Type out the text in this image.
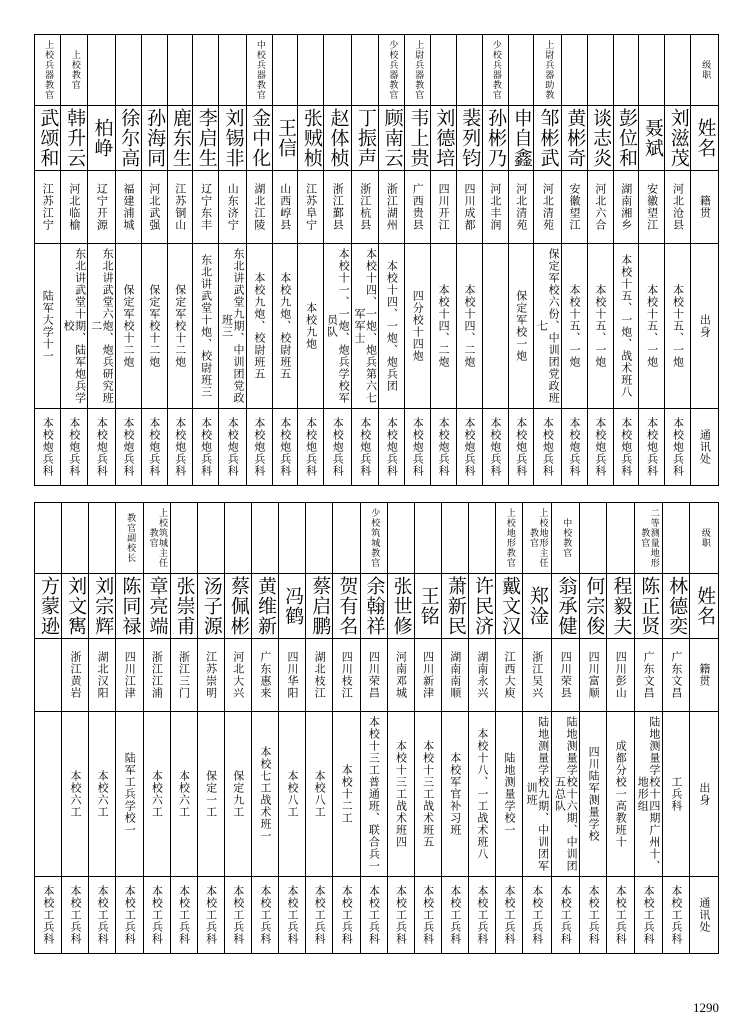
上校兵器教官	上校教官							中校兵器教官					少校兵器教官	上尉兵器教官			少校兵器教官		上尉兵器助教						级职
武颂和	韩升云	柏峥	徐尔高	孙海同	鹿东生	李启生	刘锡非	金中化	王信	张贼桢	赵体桢	丁振声	顾南云	韦上贵	刘德培	裴列钧	孙彬乃	申自鑫	邹彬武	黄彬奇	谈志炎	彭位和	聂斌	刘滋茂	姓名
江苏江宁	河北临榆	辽宁开源	福建浦城	河北武强	江苏铜山	辽宁东丰	山东济宁	湖北江陵	山西崞县	江苏阜宁	浙江鄞县	浙江杭县	浙江湖州	广西贵县	四川开江	四川成都	河北丰润	河北清苑	河北清苑	安徽望江	河北六合	湖南湘乡	安徽望江	河北沧县	籍贯
陆军大学十一	东北讲武堂十期、陆军炮兵学校	东北讲武堂六炮、炮兵研究班二	保定军校十二炮	保定军校十二炮	保定军校十二炮	东北讲武堂十炮、校尉班三	东北讲武堂九期、中训团党政班三	本校九炮、校尉班五	本校九炮、校尉班五	本校九炮	本校十一、一炮、炮兵学校军员队	本校十四、一炮、炮兵第六七军军士	本校十四、一炮、炮兵团	四分校十四炮	本校十四、二炮	本校十四、二炮		保定军校一炮	保定军校六份、中训团党政班七	本校十五、一炮	本校十五、一炮	本校十五、一炮、战术班八	本校十五、一炮	本校十五、一炮	出身
本校炮兵科	本校炮兵科	本校炮兵科	本校炮兵科	本校炮兵科	本校炮兵科	本校炮兵科	本校炮兵科	本校炮兵科	本校炮兵科	本校炮兵科	本校炮兵科	本校炮兵科	本校炮兵科	本校炮兵科	本校炮兵科	本校炮兵科	本校炮兵科	本校炮兵科	本校炮兵科	本校炮兵科	本校炮兵科	本校炮兵科	本校炮兵科	本校炮兵科	通讯处
			教官副校长	上校筑城主任教官								少校筑城教官					上校地形教官	上校地形主任教官	中校教官			二等测量地形教官		级职
方蒙逊	刘文寯	刘宗辉	陈同禄	章亮端	张崇甫	汤子源	蔡佩彬	黄维新	冯鹤	蔡启鹏	贺有名	余翰祥	张世修	王铭	萧新民	许民济	戴文汉	郑淦	翁承健	何宗俊	程毅夫	陈正贤	林德奕	姓名
	浙江黄岩	湖北汉阳	四川江津	浙江江浦	浙江三门	江苏崇明	河北大兴	广东惠来	四川华阳	湖北枝江	四川枝江	四川荣昌	河南邓城	四川新津	湖南南顺	湖南永兴	江西大庾	浙江吴兴	四川荣县	四川富顺	四川彭山	广东文昌	广东文昌	籍贯
	本校六工	本校六工	陆军工兵学校一	本校六工	本校六工	保定一工	保定九工	本校七工战术班一	本校八工	本校八工	本校十二工	本校十三工普通班、联合兵一	本校十三工战术班四	本校十三工战术班五	本校军官补习班	本校十八、一工战术班八	陆地测量学校一	陆地测量学校九期、中训团军训班	陆地测量学校十六期、中训团五总队	四川陆军测量学校	成都分校一高教班十	陆地测量学校十四期广州十、地形组	工兵科	出身
本校工兵科	本校工兵科	本校工兵科	本校工兵科	本校工兵科	本校工兵科	本校工兵科	本校工兵科	本校工兵科	本校工兵科	本校工兵科	本校工兵科	本校工兵科	本校工兵科	本校工兵科	本校工兵科	本校工兵科	本校工兵科	本校工兵科	本校工兵科	本校工兵科	本校工兵科	本校工兵科	本校工兵科	通讯处
1290
